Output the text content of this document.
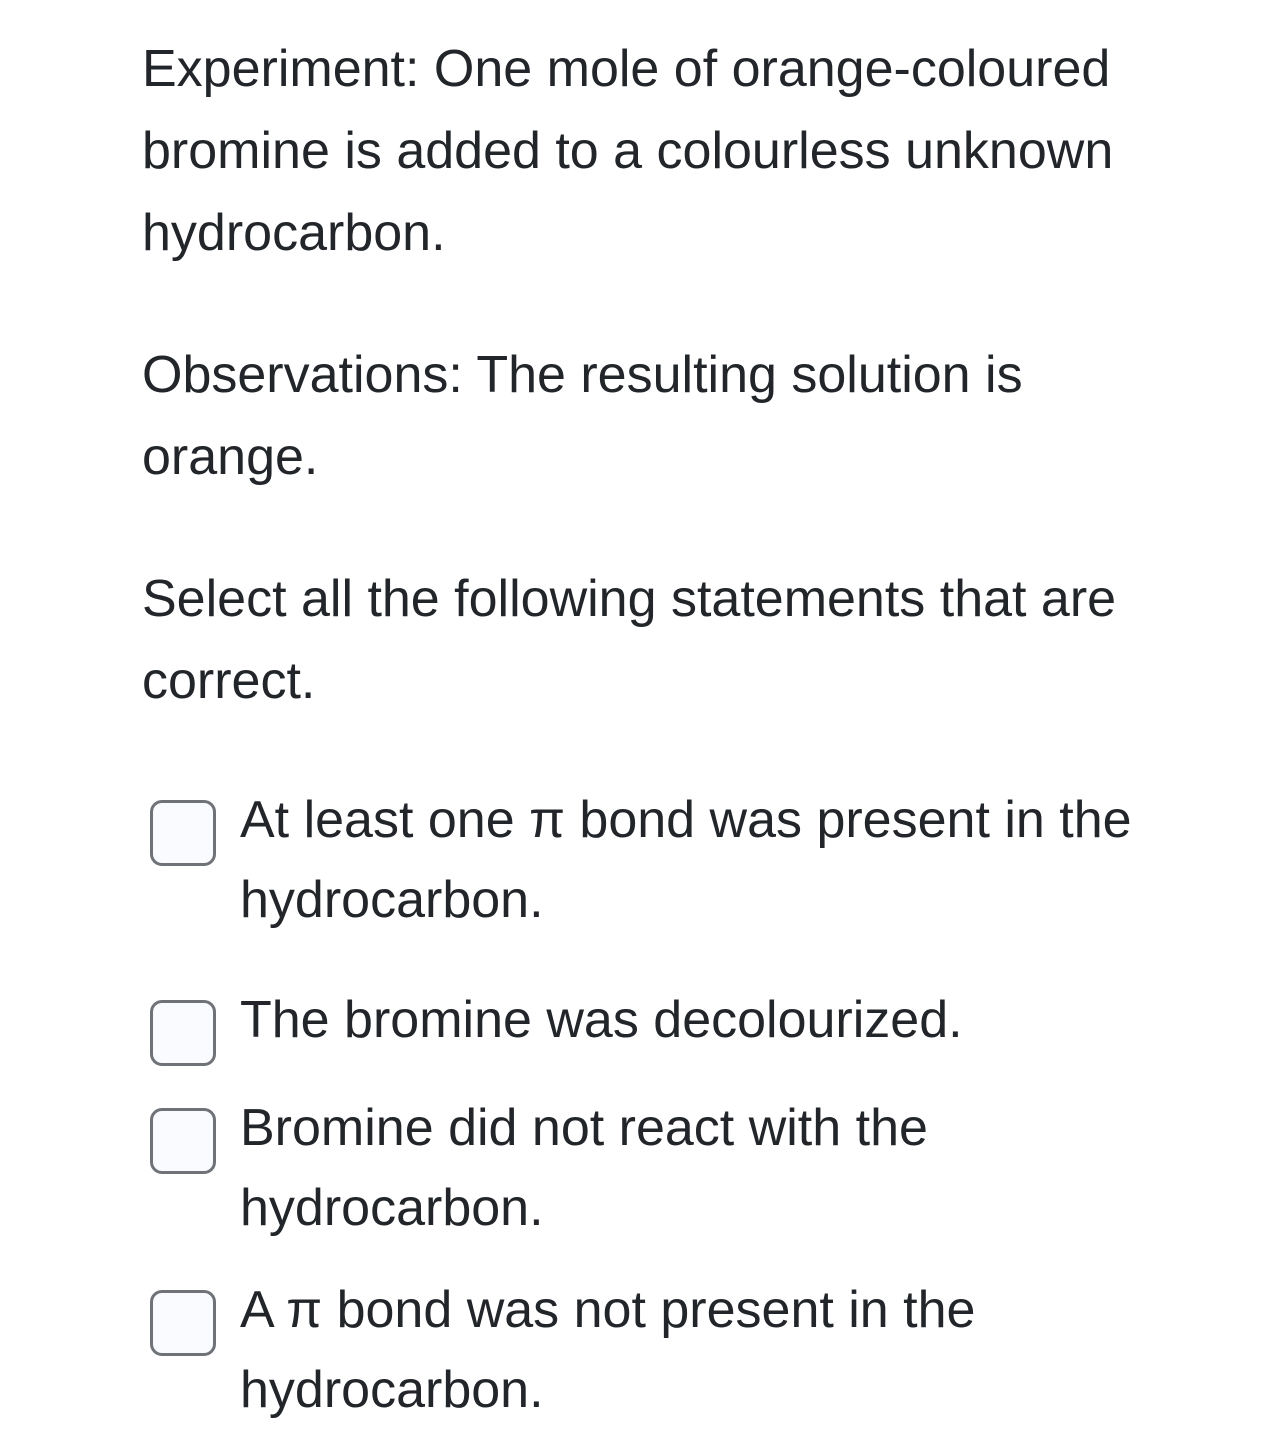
Experiment: One mole of orange-coloured bromine is added to a colourless unknown hydrocarbon.

Observations: The resulting solution is orange.

Select all the following statements that are correct.

At least one π bond was present in the hydrocarbon.
The bromine was decolourized.
Bromine did not react with the hydrocarbon.
A π bond was not present in the hydrocarbon.
